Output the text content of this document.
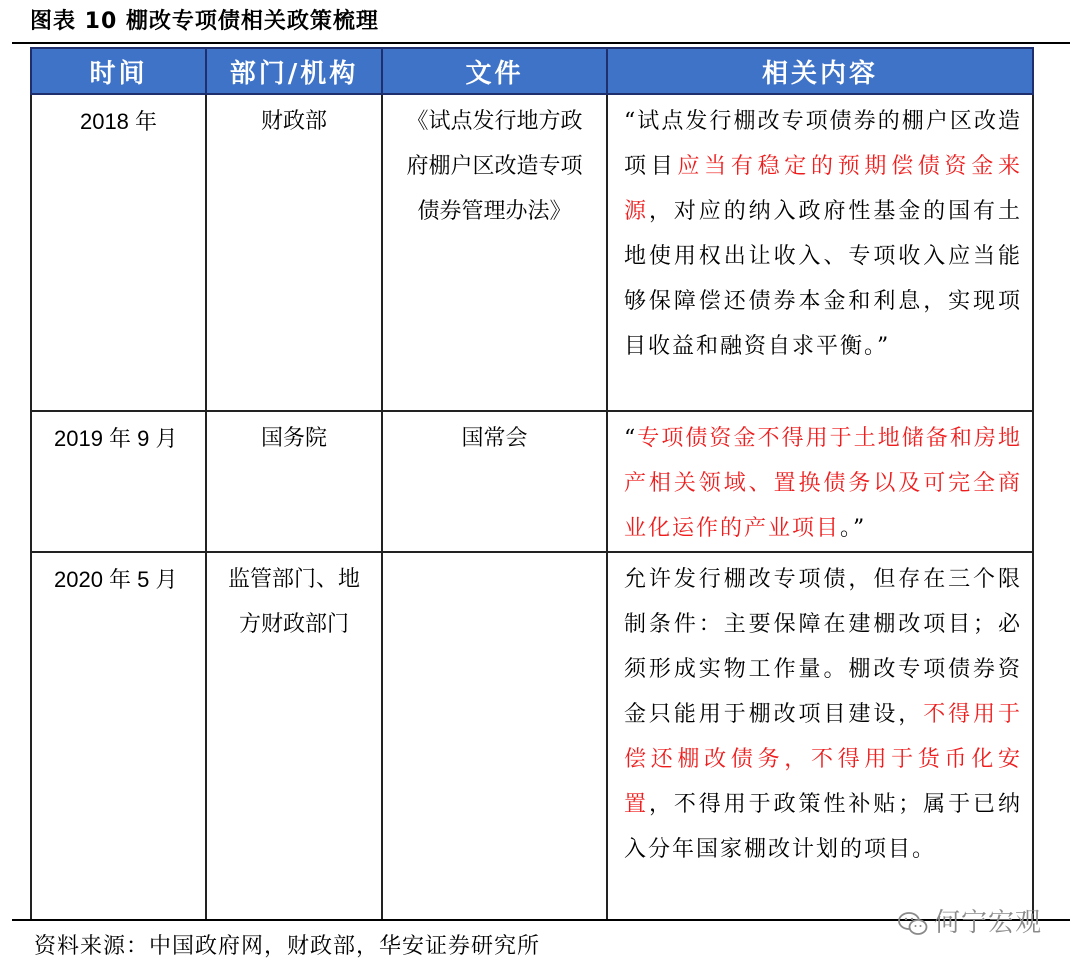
图表 10 棚改专项债相关政策梳理
时间	部门/机构	文件	相关内容

2018 年	财政部	《试点发行地方政府棚户区改造专项债券管理办法》	“试点发行棚改专项债券的棚户区改造项目应当有稳定的预期偿债资金来源，对应的纳入政府性基金的国有土地使用权出让收入、专项收入应当能够保障偿还债券本金和利息，实现项目收益和融资自求平衡。”

2019 年 9 月	国务院	国常会	“专项债资金不得用于土地储备和房地产相关领域、置换债务以及可完全商业化运作的产业项目。”

2020 年 5 月	监管部门、地方财政部门		允许发行棚改专项债，但存在三个限制条件：主要保障在建棚改项目；必须形成实物工作量。棚改专项债券资金只能用于棚改项目建设，不得用于偿还棚改债务，不得用于货币化安置，不得用于政策性补贴；属于已纳入分年国家棚改计划的项目。
资料来源：中国政府网，财政部，华安证券研究所
何宁宏观
